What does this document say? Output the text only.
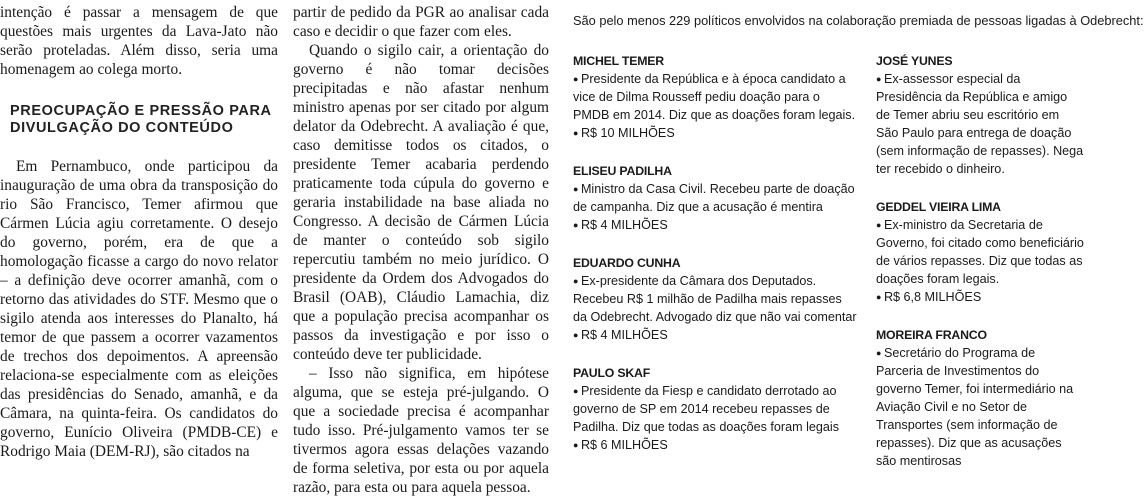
intenção é passar a mensagem de que questões mais urgentes da Lava-Jato não serão proteladas. Além disso, seria uma homenagem ao colega morto.

PREOCUPAÇÃO E PRESSÃO PARA DIVULGAÇÃO DO CONTEÚDO

Em Pernambuco, onde participou da inauguração de uma obra da transposição do rio São Francisco, Temer afirmou que Cármen Lúcia agiu corretamente. O desejo do governo, porém, era de que a homologação ficasse a cargo do novo relator – a definição deve ocorrer amanhã, com o retorno das atividades do STF. Mesmo que o sigilo atenda aos interesses do Planalto, há temor de que passem a ocorrer vazamentos de trechos dos depoimentos. A apreensão relaciona-se especialmente com as eleições das presidências do Senado, amanhã, e da Câmara, na quinta-feira. Os candidatos do governo, Eunício Oliveira (PMDB-CE) e Rodrigo Maia (DEM-RJ), são citados na

partir de pedido da PGR ao analisar cada caso e decidir o que fazer com eles.

Quando o sigilo cair, a orientação do governo é não tomar decisões precipitadas e não afastar nenhum ministro apenas por ser citado por algum delator da Odebrecht. A avaliação é que, caso demitisse todos os citados, o presidente Temer acabaria perdendo praticamente toda cúpula do governo e geraria instabilidade na base aliada no Congresso. A decisão de Cármen Lúcia de manter o conteúdo sob sigilo repercutiu também no meio jurídico. O presidente da Ordem dos Advogados do Brasil (OAB), Cláudio Lamachia, diz que a população precisa acompanhar os passos da investigação e por isso o conteúdo deve ter publicidade.

– Isso não significa, em hipótese alguma, que se esteja pré-julgando. O que a sociedade precisa é acompanhar tudo isso. Pré-julgamento vamos ter se tivermos agora essas delações vazando de forma seletiva, por esta ou por aquela razão, para esta ou para aquela pessoa.

São pelo menos 229 políticos envolvidos na colaboração premiada de pessoas ligadas à Odebrecht:
MICHEL TEMER

● Presidente da República e à época candidato a vice de Dilma Rousseff pediu doação para o PMDB em 2014. Diz que as doações foram legais.

● R$ 10 MILHÕES

ELISEU PADILHA

● Ministro da Casa Civil. Recebeu parte de doação de campanha. Diz que a acusação é mentira

● R$ 4 MILHÕES

EDUARDO CUNHA

● Ex-presidente da Câmara dos Deputados. Recebeu R$ 1 milhão de Padilha mais repasses da Odebrecht. Advogado diz que não vai comentar

● R$ 4 MILHÕES

PAULO SKAF

● Presidente da Fiesp e candidato derrotado ao governo de SP em 2014 recebeu repasses de Padilha. Diz que todas as doações foram legais

● R$ 6 MILHÕES

JOSÉ YUNES

● Ex-assessor especial da Presidência da República e amigo de Temer abriu seu escritório em São Paulo para entrega de doação (sem informação de repasses). Nega ter recebido o dinheiro.

GEDDEL VIEIRA LIMA

● Ex-ministro da Secretaria de Governo, foi citado como beneficiário de vários repasses. Diz que todas as doações foram legais.

● R$ 6,8 MILHÕES

MOREIRA FRANCO

● Secretário do Programa de Parceria de Investimentos do governo Temer, foi intermediário na Aviação Civil e no Setor de Transportes (sem informação de repasses). Diz que as acusações são mentirosas
